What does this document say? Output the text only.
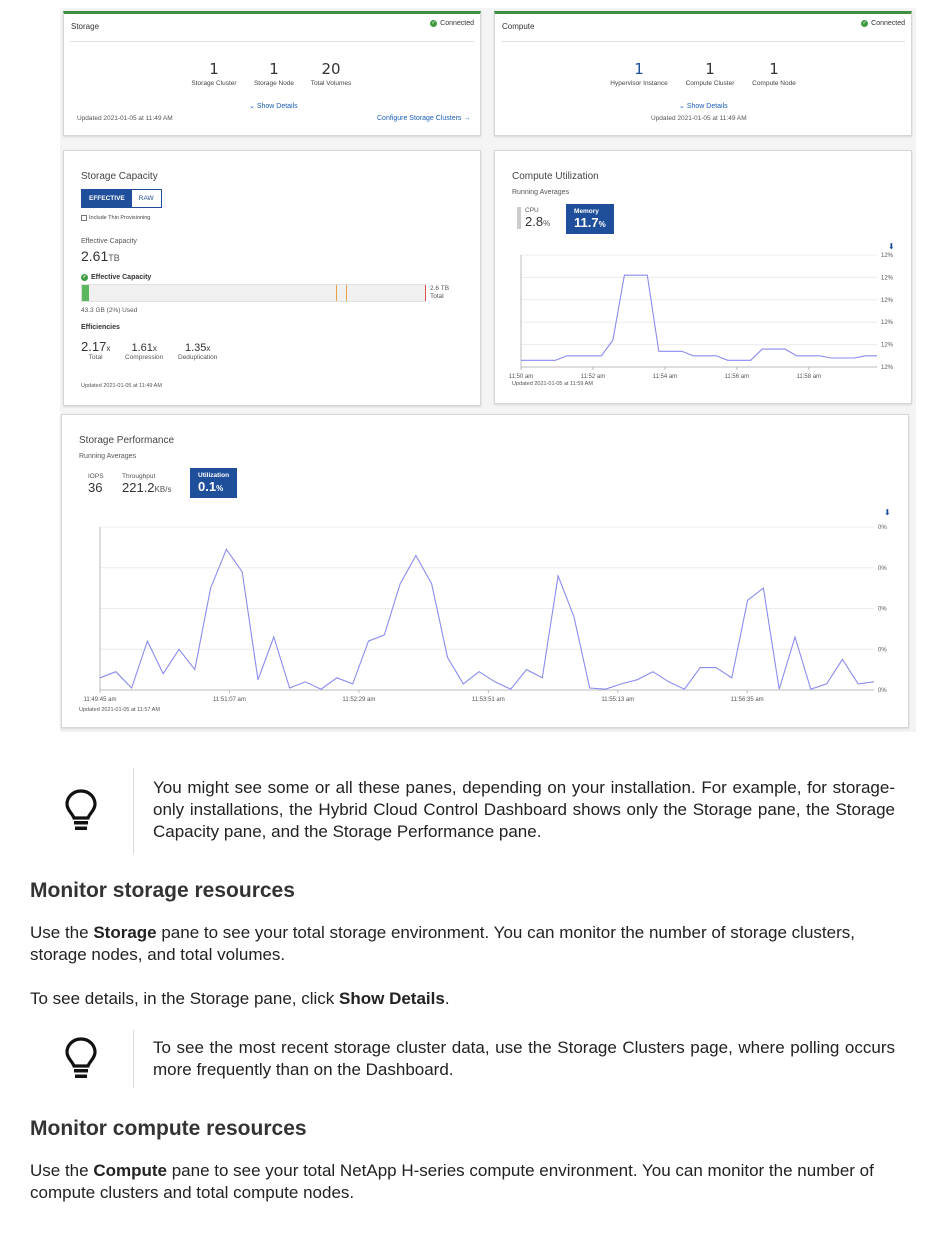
Storage	✓ Connected
1
Storage Cluster
1
Storage Node
20
Total Volumes
⌄ Show Details
Updated 2021-01-05 at 11:49 AM	Configure Storage Clusters →
Compute	✓ Connected
1
Hypervisor Instance
1
Compute Cluster
1
Compute Node
⌄ Show Details
Updated 2021-01-05 at 11:49 AM
Storage Capacity
EFFECTIVE	RAW
Include Thin Provisioning
Effective Capacity
2.61TB
✓ Effective Capacity
2.6 TB
Total
43.3 GB (2%) Used
Efficiencies
2.17x
Total
1.61x
Compression
1.35x
Deduplication
Updated 2021-01-05 at 11:49 AM
Compute Utilization
Running Averages
CPU
2.8%
Memory
11.7%
⬇
12%
12%
12%
12%
12%
12%
11:50 am	11:52 am	11:54 am	11:56 am	11:58 am
Updated 2021-01-05 at 11:59 AM
Storage Performance
Running Averages
IOPS
36
Throughput
221.2KB/s
Utilization
0.1%
⬇
0%
0%
0%
0%
0%
11:49:45 am	11:51:07 am	11:52:29 am	11:53:51 am	11:55:13 am	11:56:35 am
Updated 2021-01-05 at 11:57 AM
You might see some or all these panes, depending on your installation. For example, for storage-only installations, the Hybrid Cloud Control Dashboard shows only the Storage pane, the Storage Capacity pane, and the Storage Performance pane.
Monitor storage resources

Use the Storage pane to see your total storage environment. You can monitor the number of storage clusters, storage nodes, and total volumes.

To see details, in the Storage pane, click Show Details.

To see the most recent storage cluster data, use the Storage Clusters page, where polling occurs more frequently than on the Dashboard.
Monitor compute resources

Use the Compute pane to see your total NetApp H-series compute environment. You can monitor the number of compute clusters and total compute nodes.
